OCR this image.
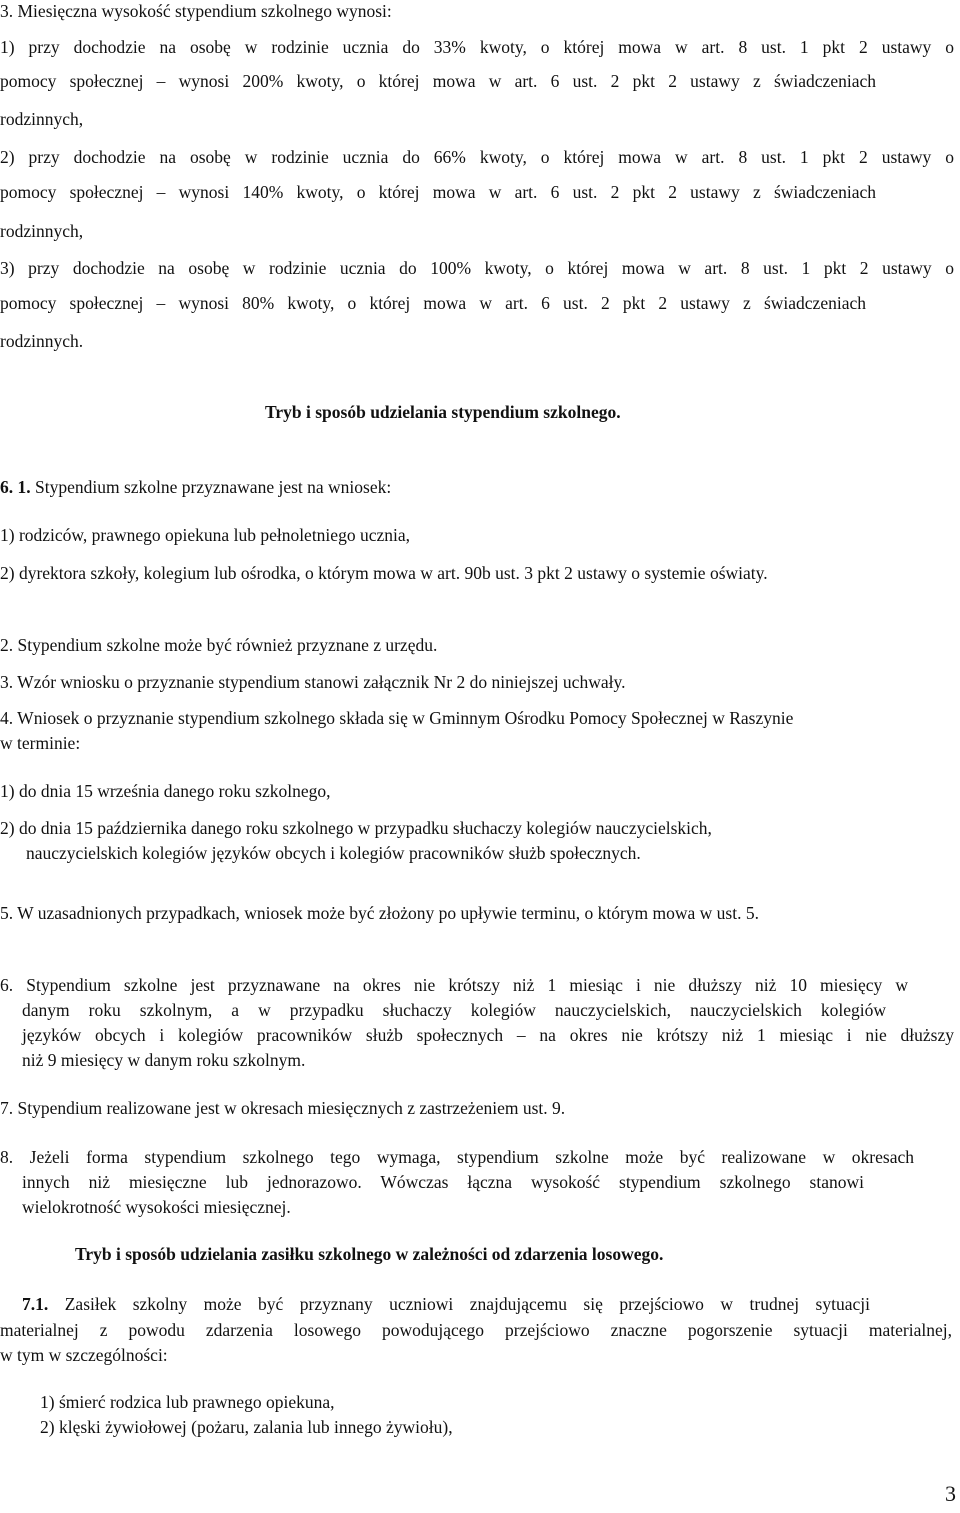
3. Miesięczna wysokość stypendium szkolnego wynosi:
1) przy dochodzie na osobę w rodzinie ucznia do 33% kwoty, o której mowa w art. 8 ust. 1 pkt 2 ustawy o
pomocy społecznej – wynosi 200% kwoty, o której mowa w art. 6 ust. 2 pkt 2 ustawy z świadczeniach
rodzinnych,
2) przy dochodzie na osobę w rodzinie ucznia do 66% kwoty, o której mowa w art. 8 ust. 1 pkt 2 ustawy o
pomocy społecznej – wynosi 140% kwoty, o której mowa w art. 6 ust. 2 pkt 2 ustawy z świadczeniach
rodzinnych,
3) przy dochodzie na osobę w rodzinie ucznia do 100% kwoty, o której mowa w art. 8 ust. 1 pkt 2 ustawy o
pomocy społecznej – wynosi 80% kwoty, o której mowa w art. 6 ust. 2 pkt 2 ustawy z świadczeniach
rodzinnych.
Tryb i sposób udzielania stypendium szkolnego.
6. 1. Stypendium szkolne przyznawane jest na wniosek:
1) rodziców, prawnego opiekuna lub pełnoletniego ucznia,
2) dyrektora szkoły, kolegium lub ośrodka, o którym mowa w art. 90b ust. 3 pkt 2 ustawy o systemie oświaty.
2. Stypendium szkolne może być również przyznane z urzędu.
3. Wzór wniosku o przyznanie stypendium stanowi załącznik Nr 2 do niniejszej uchwały.
4. Wniosek o przyznanie stypendium szkolnego składa się w Gminnym Ośrodku Pomocy Społecznej w Raszynie
w terminie:
1) do dnia 15 września danego roku szkolnego,
2) do dnia 15 października danego roku szkolnego w przypadku słuchaczy kolegiów nauczycielskich,
nauczycielskich kolegiów języków obcych i kolegiów pracowników służb społecznych.
5. W uzasadnionych przypadkach, wniosek może być złożony po upływie terminu, o którym mowa w ust. 5.
6. Stypendium szkolne jest przyznawane na okres nie krótszy niż 1 miesiąc i nie dłuższy niż 10 miesięcy w
danym roku szkolnym, a w przypadku słuchaczy kolegiów nauczycielskich, nauczycielskich kolegiów
języków obcych i kolegiów pracowników służb społecznych – na okres nie krótszy niż 1 miesiąc i nie dłuższy
niż 9 miesięcy w danym roku szkolnym.
7. Stypendium realizowane jest w okresach miesięcznych z zastrzeżeniem ust. 9.
8. Jeżeli forma stypendium szkolnego tego wymaga, stypendium szkolne może być realizowane w okresach
innych niż miesięczne lub jednorazowo. Wówczas łączna wysokość stypendium szkolnego stanowi
wielokrotność wysokości miesięcznej.
Tryb i sposób udzielania zasiłku szkolnego w zależności od zdarzenia losowego.
7.1. Zasiłek szkolny może być przyznany uczniowi znajdującemu się przejściowo w trudnej sytuacji
materialnej z powodu zdarzenia losowego powodującego przejściowo znaczne pogorszenie sytuacji materialnej,
w tym w szczególności:
1) śmierć rodzica lub prawnego opiekuna,
2) klęski żywiołowej (pożaru, zalania lub innego żywiołu),
3
